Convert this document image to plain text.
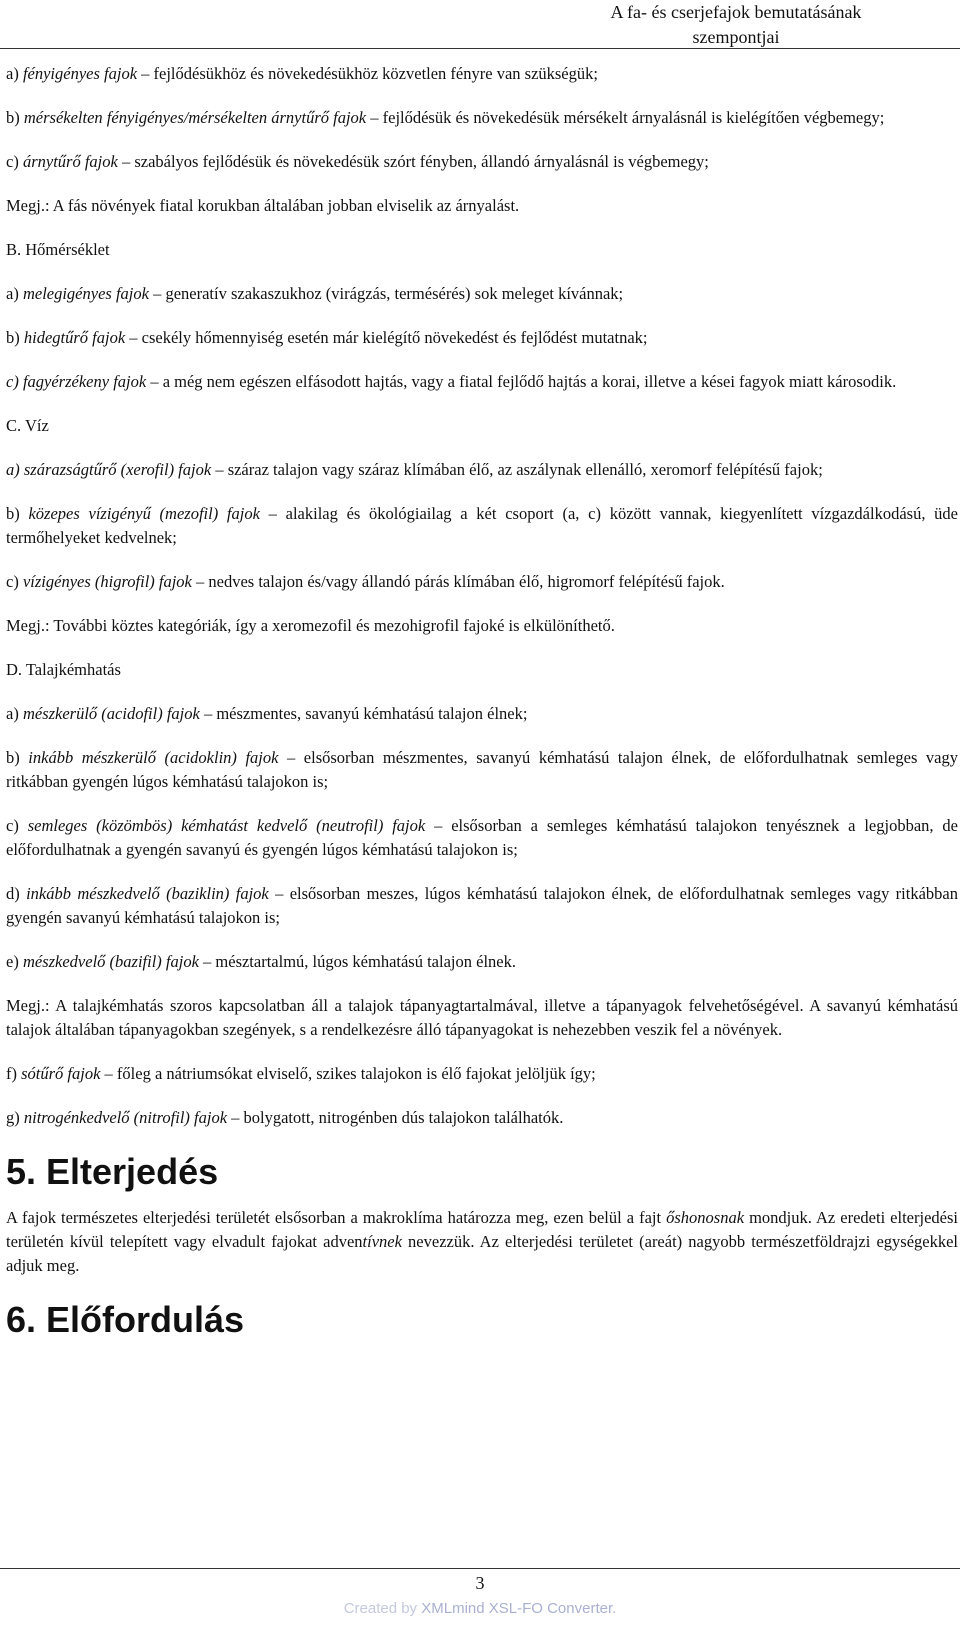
A fa- és cserjefajok bemutatásának
szempontjai

a) fényigényes fajok – fejlődésükhöz és növekedésükhöz közvetlen fényre van szükségük;

b) mérsékelten fényigényes/mérsékelten árnytűrő fajok – fejlődésük és növekedésük mérsékelt árnyalásnál is kielégítően végbemegy;

c) árnytűrő fajok – szabályos fejlődésük és növekedésük szórt fényben, állandó árnyalásnál is végbemegy;

Megj.: A fás növények fiatal korukban általában jobban elviselik az árnyalást.

B. Hőmérséklet

a) melegigényes fajok – generatív szakaszukhoz (virágzás, termésérés) sok meleget kívánnak;

b) hidegtűrő fajok – csekély hőmennyiség esetén már kielégítő növekedést és fejlődést mutatnak;

c) fagyérzékeny fajok – a még nem egészen elfásodott hajtás, vagy a fiatal fejlődő hajtás a korai, illetve a kései fagyok miatt károsodik.

C. Víz

a) szárazságtűrő (xerofil) fajok – száraz talajon vagy száraz klímában élő, az aszálynak ellenálló, xeromorf felépítésű fajok;

b) közepes vízigényű (mezofil) fajok – alakilag és ökológiailag a két csoport (a, c) között vannak, kiegyenlített vízgazdálkodású, üde termőhelyeket kedvelnek;

c) vízigényes (higrofil) fajok – nedves talajon és/vagy állandó párás klímában élő, higromorf felépítésű fajok.

Megj.: További köztes kategóriák, így a xeromezofil és mezohigrofil fajoké is elkülöníthető.

D. Talajkémhatás

a) mészkerülő (acidofil) fajok – mészmentes, savanyú kémhatású talajon élnek;

b) inkább mészkerülő (acidoklin) fajok – elsősorban mészmentes, savanyú kémhatású talajon élnek, de előfordulhatnak semleges vagy ritkábban gyengén lúgos kémhatású talajokon is;

c) semleges (közömbös) kémhatást kedvelő (neutrofil) fajok – elsősorban a semleges kémhatású talajokon tenyésznek a legjobban, de előfordulhatnak a gyengén savanyú és gyengén lúgos kémhatású talajokon is;

d) inkább mészkedvelő (baziklin) fajok – elsősorban meszes, lúgos kémhatású talajokon élnek, de előfordulhatnak semleges vagy ritkábban gyengén savanyú kémhatású talajokon is;

e) mészkedvelő (bazifil) fajok – mésztartalmú, lúgos kémhatású talajon élnek.

Megj.: A talajkémhatás szoros kapcsolatban áll a talajok tápanyagtartalmával, illetve a tápanyagok felvehetőségével. A savanyú kémhatású talajok általában tápanyagokban szegények, s a rendelkezésre álló tápanyagokat is nehezebben veszik fel a növények.

f) sótűrő fajok – főleg a nátriumsókat elviselő, szikes talajokon is élő fajokat jelöljük így;

g) nitrogénkedvelő (nitrofil) fajok – bolygatott, nitrogénben dús talajokon találhatók.

5. Elterjedés

A fajok természetes elterjedési területét elsősorban a makroklíma határozza meg, ezen belül a fajt őshonosnak mondjuk. Az eredeti elterjedési területén kívül telepített vagy elvadult fajokat adventívnek nevezzük. Az elterjedési területet (areát) nagyobb természetföldrajzi egységekkel adjuk meg.

6. Előfordulás
3
Created by XMLmind XSL-FO Converter.
